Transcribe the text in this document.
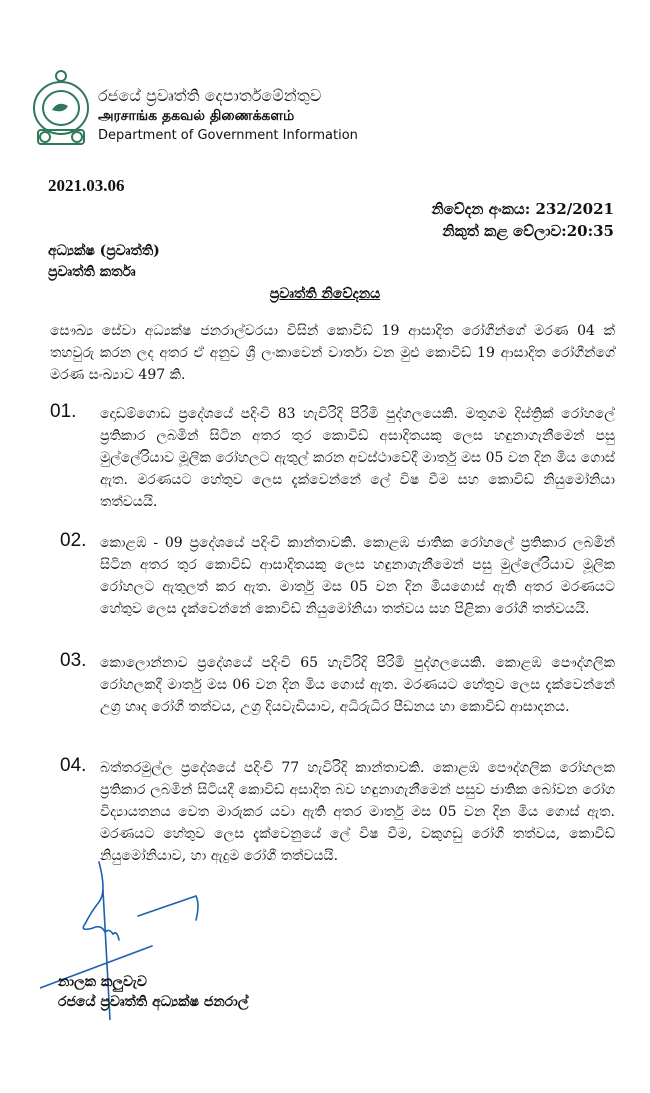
රජයේ ප්‍රවෘත්ති දෙපාර්තමේන්තුව
அரசாங்க தகவல் திணைக்களம்
Department of Government Information
2021.03.06
නිවේදන අංකය: 232/2021
නිකුත් කළ වේලාව:20:35
අධ්‍යක්ෂ (ප්‍රවෘත්ති)
ප්‍රවෘත්ති කර්තෘ
ප්‍රවෘත්ති නිවේදනය
සෞඛ්‍ය සේවා අධ්‍යක්ෂ ජනරාල්වරයා විසින් කොවිඩ් 19 ආසාදිත රෝගීන්ගේ මරණ 04 ක් තහවුරු කරන ලද අතර ඒ අනුව ශ්‍රී ලංකාවෙන් වාර්තා වන මුළු කොවිඩ් 19 ආසාදිත රෝගීන්ගේ මරණ සංඛ්‍යාව 497 කි.
01. දොඩම්ගොඩ ප්‍රදේශයේ පදිංචි 83 හැවිරිදි පිරිමි පුද්ගලයෙකි. මතුගම දිස්ත්‍රික් රෝහලේ ප්‍රතිකාර ලබමින් සිටින අතර තුර කොවිඩ් අසාදිතයකු ලෙස හඳුනාගැනීමෙන් පසු මුල්ලේරියාව මූලික රෝහලට ඇතුල් කරන අවස්ථාවේදී මාර්තු මස 05 වන දින මිය ගොස් ඇත. මරණයට හේතුව ලෙස දැක්වෙන්නේ ලේ විෂ වීම සහ කොවිඩ් නියුමෝනියා තත්වයයි.
02. කොළඹ - 09 ප්‍රදේශයේ පදිංචි කාන්තාවකි. කොළඹ ජාතික රෝහලේ ප්‍රතිකාර ලබමින් සිටින අතර තුර කොවිඩ් ආසාදිතයකු ලෙස හඳුනාගැනීමෙන් පසු මුල්ලේරියාව මූලික රෝහලට ඇතුලත් කර ඇත. මාර්තු මස 05 වන දින මියගොස් ඇති අතර මරණයට හේතුව ලෙස දැක්වෙන්නේ කොවිඩ් නියුමෝනියා තත්වය සහ පිළිකා රෝගී තත්වයයි.
03. කොලොන්නාව ප්‍රදේශයේ පදිංචි 65 හැවිරිදි පිරිමි පුද්ගලයෙකි. කොළඹ පෞද්ගලික රෝහලකදී මාර්තු මස 06 වන දින මිය ගොස් ඇත. මරණයට හේතුව ලෙස දැක්වෙන්නේ උග්‍ර හෘද රෝගී තත්වය, උග්‍ර දියවැඩියාව, අධිරුධිර පීඩනය හා කොවිඩ් ආසාදනය.
04. බත්තරමුල්ල ප්‍රදේශයේ පදිංචි 77 හැවිරිදි කාන්තාවකි. කොළඹ පෞද්ගලික රෝහලක ප්‍රතිකාර ලබමින් සිටියදී කොවිඩ් අසාදිත බව හඳුනාගැනීමෙන් පසුව ජාතික බෝවන රෝග විද්‍යායතනය වෙත මාරුකර යවා ඇති අතර මාර්තු මස 05 වන දින මිය ගොස් ඇත. මරණයට හේතුව ලෙස දැක්වෙනුයේ ලේ විෂ වීම, වකුගඩු රෝගී තත්වය, කොවිඩ් නියුමෝනියාව, හා ඇදුම රෝගී තත්වයයි.
නාලක කලුවැව
රජයේ ප්‍රවෘත්ති අධ්‍යක්ෂ ජනරාල්
